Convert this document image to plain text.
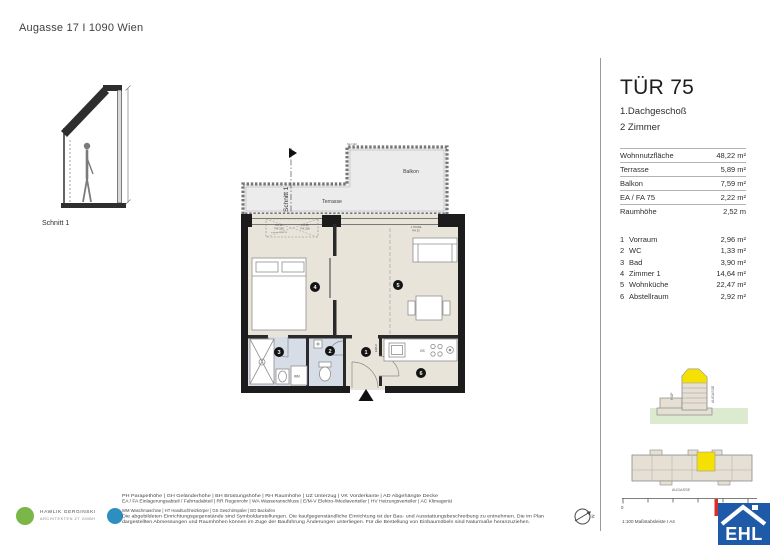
Augasse 17 I 1090 Wien
Schnitt 1
Terrasse
Balkon
GH 112
Schnitt 1
PH 68
FIX 158
unteres Feld FIX
PH 68
FIX 158	1 STUFE
PH 23
GS
WM
E/M-V
1
2
3
4	5
6
HOF	AUGASSE
AUGASSE
HAWLIK GERGINSKI
ARCHITEKTEN ZT GMBH
PH Parapethöhe | GH Geländerhöhe | BH Brüstungshöhe | RH Raumhöhe | UZ Unterzug | VK Vorderkante | AD Abgehängte Decke
EA / FA Einlagerungsabteil / Fahrradabteil | RR Regenrohr | WA Wasseranschluss | E/M-V Elektro-/Mediaverteiler | HV Heizungsverteiler | AC Klimagerät
WM Waschmaschine | HT Handtuchheizkörper | GS Geschirrspüler | BO Backofen
Die abgebildeten Einrichtungsgegenstände sind Symboldarstellungen. Die kaufgegenständliche Einrichtung ist der Bau- und Ausstattungsbeschreibung zu entnehmen. Die im Plan
dargestellten Abmessungen und Raumhöhen können im Zuge der Bauführung Änderungen unterliegen. Für die Bestellung von Einbaumöbeln sind Naturmaße heranzuziehen.
N
0
1:100 Maßstabsleiste I A4
EHL
TÜR 75
1.Dachgeschoß
2 Zimmer
Wohnnutzfläche	48,22 m²
Terrasse	5,89 m²
Balkon	7,59 m²
EA / FA 75	2,22 m²
Raumhöhe	2,52 m
1 Vorraum	2,96 m²
2 WC	1,33 m²
3 Bad	3,90 m²
4 Zimmer 1	14,64 m²
5 Wohnküche	22,47 m²
6 Abstellraum	2,92 m²
